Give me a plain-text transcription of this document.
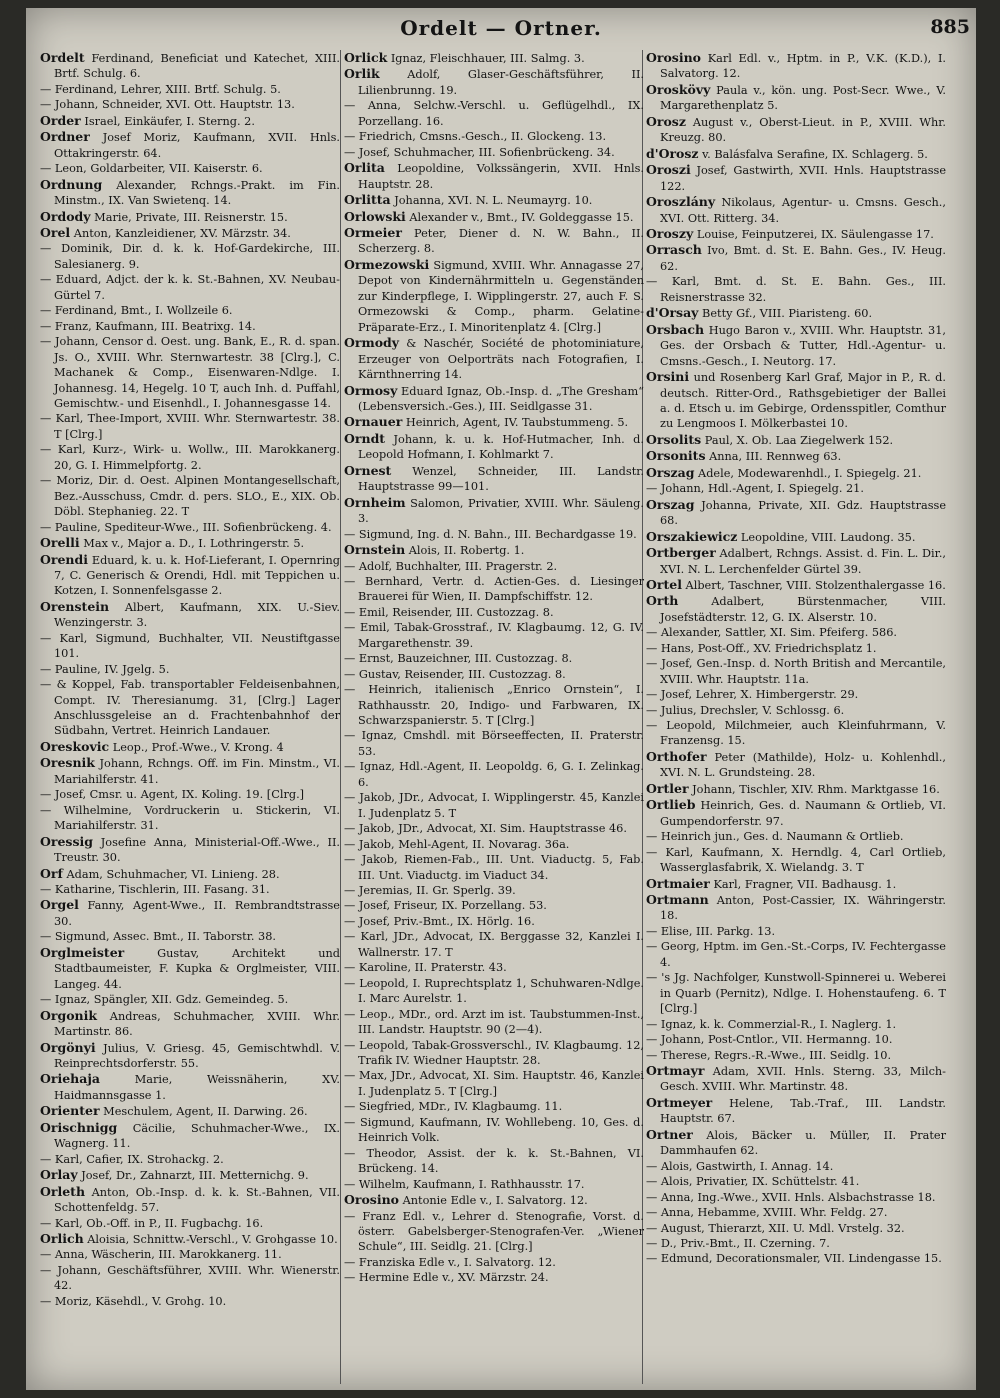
Ordelt — Ortner.	885

Ordelt Ferdinand, Beneficiat und Katechet, XIII. Brtf. Schulg. 6.

— Ferdinand, Lehrer, XIII. Brtf. Schulg. 5.

— Johann, Schneider, XVI. Ott. Hauptstr. 13.

Order Israel, Einkäufer, I. Sterng. 2.

Ordner Josef Moriz, Kaufmann, XVII. Hnls. Ottakringerstr. 64.

— Leon, Goldarbeiter, VII. Kaiserstr. 6.

Ordnung Alexander, Rchngs.-Prakt. im Fin. Minstm., IX. Van Swietenq. 14.

Ordody Marie, Private, III. Reisnerstr. 15.

Orel Anton, Kanzleidiener, XV. Märzstr. 34.

— Dominik, Dir. d. k. k. Hof-Gardekirche, III. Salesianerg. 9.

— Eduard, Adjct. der k. k. St.-Bahnen, XV. Neubau-Gürtel 7.

— Ferdinand, Bmt., I. Wollzeile 6.

— Franz, Kaufmann, III. Beatrixg. 14.

— Johann, Censor d. Oest. ung. Bank, E., R. d. span. Js. O., XVIII. Whr. Sternwartestr. 38 [Clrg.], C. Machanek & Comp., Eisenwaren-Ndlge. I. Johannesg. 14, Hegelg. 10 T, auch Inh. d. Puffahl, Gemischtw.- und Eisenhdl., I. Johannesgasse 14.

— Karl, Thee-Import, XVIII. Whr. Sternwartestr. 38. T [Clrg.]

— Karl, Kurz-, Wirk- u. Wollw., III. Marokkanerg. 20, G. I. Himmelpfortg. 2.

— Moriz, Dir. d. Oest. Alpinen Montangesellschaft, Bez.-Ausschuss, Cmdr. d. pers. SLO., E., XIX. Ob. Döbl. Stephanieg. 22. T

— Pauline, Spediteur-Wwe., III. Sofienbrückeng. 4.

Orelli Max v., Major a. D., I. Lothringerstr. 5.

Orendi Eduard, k. u. k. Hof-Lieferant, I. Opernring 7, C. Generisch & Orendi, Hdl. mit Teppichen u. Kotzen, I. Sonnenfelsgasse 2.

Orenstein Albert, Kaufmann, XIX. U.-Siev. Wenzingerstr. 3.

— Karl, Sigmund, Buchhalter, VII. Neustiftgasse 101.

— Pauline, IV. Jgelg. 5.

— & Koppel, Fab. transportabler Feldeisenbahnen, Compt. IV. Theresianumg. 31, [Clrg.] Lager Anschlussgeleise an d. Frachtenbahnhof der Südbahn, Vertret. Heinrich Landauer.

Oreskovic Leop., Prof.-Wwe., V. Krong. 4

Oresnik Johann, Rchngs. Off. im Fin. Minstm., VI. Mariahilferstr. 41.

— Josef, Cmsr. u. Agent, IX. Koling. 19. [Clrg.]

— Wilhelmine, Vordruckerin u. Stickerin, VI. Mariahilferstr. 31.

Oressig Josefine Anna, Ministerial-Off.-Wwe., II. Treustr. 30.

Orf Adam, Schuhmacher, VI. Linieng. 28.

— Katharine, Tischlerin, III. Fasang. 31.

Orgel Fanny, Agent-Wwe., II. Rembrandtstrasse 30.

— Sigmund, Assec. Bmt., II. Taborstr. 38.

Orglmeister	Gustav, Architekt und Stadtbaumeister, F. Kupka & Orglmeister, VIII. Langeg. 44.

— Ignaz, Spängler, XII. Gdz. Gemeindeg. 5.

Orgonik Andreas, Schuhmacher, XVIII. Whr. Martinstr. 86.

Orgönyi Julius, V. Griesg. 45, Gemischtwhdl. V. Reinprechtsdorferstr. 55.

Oriehaja	Marie, Weissnäherin, XV. Haidmannsgasse 1.

Orienter Meschulem, Agent, II. Darwing. 26.

Orischnigg Cäcilie, Schuhmacher-Wwe., IX. Wagnerg. 11.

— Karl, Cafier, IX. Strohackg. 2.

Orlay Josef, Dr., Zahnarzt, III. Metternichg. 9.

Orleth Anton, Ob.-Insp. d. k. k. St.-Bahnen, VII. Schottenfeldg. 57.

— Karl, Ob.-Off. in P., II. Fugbachg. 16.

Orlich Aloisia, Schnittw.-Verschl., V. Grohgasse 10.

— Anna, Wäscherin, III. Marokkanerg. 11.

— Johann, Geschäftsführer, XVIII. Whr. Wienerstr. 42.

— Moriz, Käsehdl., V. Grohg. 10.

Orlick Ignaz, Fleischhauer, III. Salmg. 3.

Orlik Adolf, Glaser-Geschäftsführer, II. Lilienbrunng. 19.

— Anna, Selchw.-Verschl. u. Geflügelhdl., IX. Porzellang. 16.

— Friedrich, Cmsns.-Gesch., II. Glockeng. 13.

— Josef, Schuhmacher, III. Sofienbrückeng. 34.

Orlita Leopoldine, Volkssängerin, XVII. Hnls. Hauptstr. 28.

Orlitta Johanna, XVI. N. L. Neumayrg. 10.

Orlowski Alexander v., Bmt., IV. Goldeggasse 15.

Ormeier Peter, Diener d. N. W. Bahn., II. Scherzerg. 8.

Ormezowski Sigmund, XVIII. Whr. Annagasse 27, Depot von Kindernährmitteln u. Gegenständen zur Kinderpflege, I. Wipplingerstr. 27, auch F. S. Ormezowski & Comp., pharm. Gelatine-Präparate-Erz., I. Minoritenplatz 4. [Clrg.]

Ormody & Naschér, Société de photominiature, Erzeuger von Oelporträts nach Fotografien, I. Kärnthnerring 14.

Ormosy Eduard Ignaz, Ob.-Insp. d. „The Gresham“ (Lebensversich.-Ges.), III. Seidlgasse 31.

Ornauer Heinrich, Agent, IV. Taubstummeng. 5.

Orndt Johann, k. u. k. Hof-Hutmacher, Inh. d. Leopold Hofmann, I. Kohlmarkt 7.

Ornest Wenzel, Schneider, III. Landstr. Hauptstrasse 99—101.

Ornheim Salomon, Privatier, XVIII. Whr. Säuleng. 3.

— Sigmund, Ing. d. N. Bahn., III. Bechardgasse 19.

Ornstein Alois, II. Robertg. 1.

— Adolf, Buchhalter, III. Pragerstr. 2.

— Bernhard, Vertr. d. Actien-Ges. d. Liesinger Brauerei für Wien, II. Dampfschiffstr. 12.

— Emil, Reisender, III. Custozzag. 8.

— Emil, Tabak-Grosstraf., IV. Klagbaumg. 12, G. IV. Margarethenstr. 39.

— Ernst, Bauzeichner, III. Custozzag. 8.

— Gustav, Reisender, III. Custozzag. 8.

— Heinrich, italienisch „Enrico Ornstein“, I. Rathhausstr. 20, Indigo- und Farbwaren, IX. Schwarzspanierstr. 5. T [Clrg.]

— Ignaz, Cmshdl. mit Börseeffecten, II. Praterstr. 53.

— Ignaz, Hdl.-Agent, II. Leopoldg. 6, G. I. Zelinkag. 6.

— Jakob, JDr., Advocat, I. Wipplingerstr. 45, Kanzlei I. Judenplatz 5. T

— Jakob, JDr., Advocat, XI. Sim. Hauptstrasse 46.

— Jakob, Mehl-Agent, II. Novarag. 36a.

— Jakob, Riemen-Fab., III. Unt. Viaductg. 5, Fab. III. Unt. Viaductg. im Viaduct 34.

— Jeremias, II. Gr. Sperlg. 39.

— Josef, Friseur, IX. Porzellang. 53.

— Josef, Priv.-Bmt., IX. Hörlg. 16.

— Karl, JDr., Advocat, IX. Berggasse 32, Kanzlei I. Wallnerstr. 17. T

— Karoline, II. Praterstr. 43.

— Leopold, I. Ruprechtsplatz 1, Schuhwaren-Ndlge. I. Marc Aurelstr. 1.

— Leop., MDr., ord. Arzt im ist. Taubstummen-Inst., III. Landstr. Hauptstr. 90 (2—4).

— Leopold, Tabak-Grossverschl., IV. Klagbaumg. 12, Trafik IV. Wiedner Hauptstr. 28.

— Max, JDr., Advocat, XI. Sim. Hauptstr. 46, Kanzlei I. Judenplatz 5. T [Clrg.]

— Siegfried, MDr., IV. Klagbaumg. 11.

— Sigmund, Kaufmann, IV. Wohllebeng. 10, Ges. d. Heinrich Volk.

— Theodor, Assist. der k. k. St.-Bahnen, VI. Brückeng. 14.

— Wilhelm, Kaufmann, I. Rathhausstr. 17.

Orosino Antonie Edle v., I. Salvatorg. 12.

— Franz Edl. v., Lehrer d. Stenografie, Vorst. d. österr. Gabelsberger-Stenografen-Ver. „Wiener Schule“, III. Seidlg. 21. [Clrg.]

— Franziska Edle v., I. Salvatorg. 12.

— Hermine Edle v., XV. Märzstr. 24.

Orosino Karl Edl. v., Hptm. in P., V.K. (K.D.), I. Salvatorg. 12.

Oroskövy Paula v., kön. ung. Post-Secr. Wwe., V. Margarethenplatz 5.

Orosz August v., Oberst-Lieut. in P., XVIII. Whr. Kreuzg. 80.

d'Orosz v. Balásfalva Serafine, IX. Schlagerg. 5.

Oroszi Josef, Gastwirth, XVII. Hnls. Hauptstrasse 122.

Oroszlány Nikolaus, Agentur- u. Cmsns. Gesch., XVI. Ott. Ritterg. 34.

Oroszy Louise, Feinputzerei, IX. Säulengasse 17.

Orrasch Ivo, Bmt. d. St. E. Bahn. Ges., IV. Heug. 62.

— Karl, Bmt. d. St. E. Bahn. Ges., III. Reisnerstrasse 32.

d'Orsay Betty Gf., VIII. Piaristeng. 60.

Orsbach Hugo Baron v., XVIII. Whr. Hauptstr. 31, Ges. der Orsbach & Tutter, Hdl.-Agentur- u. Cmsns.-Gesch., I. Neutorg. 17.

Orsini und Rosenberg Karl Graf, Major in P., R. d. deutsch. Ritter-Ord., Rathsgebietiger der Ballei a. d. Etsch u. im Gebirge, Ordensspitler, Comthur zu Lengmoos I. Mölkerbastei 10.

Orsolits Paul, X. Ob. Laa Ziegelwerk 152.

Orsonits Anna, III. Rennweg 63.

Orszag Adele, Modewarenhdl., I. Spiegelg. 21.

— Johann, Hdl.-Agent, I. Spiegelg. 21.

Orszag Johanna, Private, XII. Gdz. Hauptstrasse 68.

Orszakiewicz Leopoldine, VIII. Laudong. 35.

Ortberger Adalbert, Rchngs. Assist. d. Fin. L. Dir., XVI. N. L. Lerchenfelder Gürtel 39.

Ortel Albert, Taschner, VIII. Stolzenthalergasse 16.

Orth	Adalbert, Bürstenmacher, VIII. Josefstädterstr. 12, G. IX. Alserstr. 10.

— Alexander, Sattler, XI. Sim. Pfeiferg. 586.

— Hans, Post-Off., XV. Friedrichsplatz 1.

— Josef, Gen.-Insp. d. North British and Mercantile, XVIII. Whr. Hauptstr. 11a.

— Josef, Lehrer, X. Himbergerstr. 29.

— Julius, Drechsler, V. Schlossg. 6.

— Leopold, Milchmeier, auch Kleinfuhrmann, V. Franzensg. 15.

Orthofer Peter (Mathilde), Holz- u. Kohlenhdl., XVI. N. L. Grundsteing. 28.

Ortler Johann, Tischler, XIV. Rhm. Marktgasse 16.

Ortlieb Heinrich, Ges. d. Naumann & Ortlieb, VI. Gumpendorferstr. 97.

— Heinrich jun., Ges. d. Naumann & Ortlieb.

— Karl, Kaufmann, X. Herndlg. 4, Carl Ortlieb, Wasserglasfabrik, X. Wielandg. 3. T

Ortmaier Karl, Fragner, VII. Badhausg. 1.

Ortmann Anton, Post-Cassier, IX. Währingerstr. 18.

— Elise, III. Parkg. 13.

— Georg, Hptm. im Gen.-St.-Corps, IV. Fechtergasse 4.

— 's Jg. Nachfolger, Kunstwoll-Spinnerei u. Weberei in Quarb (Pernitz), Ndlge. I. Hohenstaufeng. 6. T [Clrg.]

— Ignaz, k. k. Commerzial-R., I. Naglerg. 1.

— Johann, Post-Cntlor., VII. Hermanng. 10.

— Therese, Regrs.-R.-Wwe., III. Seidlg. 10.

Ortmayr Adam, XVII. Hnls. Sterng. 33, Milch-Gesch. XVIII. Whr. Martinstr. 48.

Ortmeyer Helene, Tab.-Traf., III. Landstr. Hauptstr. 67.

Ortner Alois, Bäcker u. Müller, II. Prater Dammhaufen 62.

— Alois, Gastwirth, I. Annag. 14.

— Alois, Privatier, IX. Schüttelstr. 41.

— Anna, Ing.-Wwe., XVII. Hnls. Alsbachstrasse 18.

— Anna, Hebamme, XVIII. Whr. Feldg. 27.

— August, Thierarzt, XII. U. Mdl. Vrstelg. 32.

— D., Priv.-Bmt., II. Czerning. 7.

— Edmund, Decorationsmaler, VII. Lindengasse 15.
